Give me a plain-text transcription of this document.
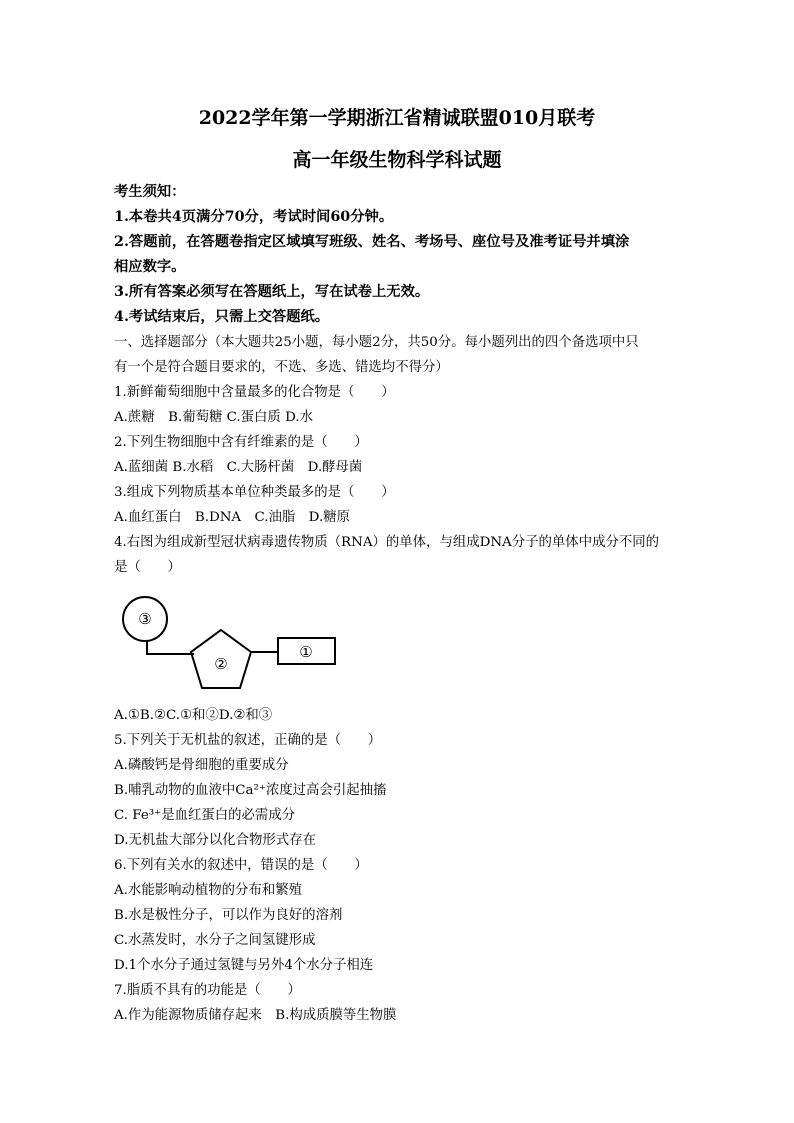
2022学年第一学期浙江省精诚联盟010月联考
高一年级生物科学科试题
考生须知：
1.本卷共4页满分70分，考试时间60分钟。
2.答题前，在答题卷指定区域填写班级、姓名、考场号、座位号及准考证号并填涂
相应数字。
3.所有答案必须写在答题纸上，写在试卷上无效。
4.考试结束后，只需上交答题纸。
一、选择题部分（本大题共25小题，每小题2分，共50分。每小题列出的四个备选项中只
有一个是符合题目要求的，不选、多选、错选均不得分）
1.新鲜葡萄细胞中含量最多的化合物是（　　）
A.蔗糖　B.葡萄糖 C.蛋白质 D.水
2.下列生物细胞中含有纤维素的是（　　）
A.蓝细菌 B.水稻　C.大肠杆菌　D.酵母菌
3.组成下列物质基本单位种类最多的是（　　）
A.血红蛋白　B.DNA　C.油脂　D.糖原
4.右图为组成新型冠状病毒遗传物质（RNA）的单体，与组成DNA分子的单体中成分不同的
是（　　）
③
②
①
A.①B.②C.①和②D.②和③
5.下列关于无机盐的叙述，正确的是（　　）
A.磷酸钙是骨细胞的重要成分
B.哺乳动物的血液中Ca²⁺浓度过高会引起抽搐
C. Fe³⁺是血红蛋白的必需成分
D.无机盐大部分以化合物形式存在
6.下列有关水的叙述中，错误的是（　　）
A.水能影响动植物的分布和繁殖
B.水是极性分子，可以作为良好的溶剂
C.水蒸发时，水分子之间氢键形成
D.1个水分子通过氢键与另外4个水分子相连
7.脂质不具有的功能是（　　）
A.作为能源物质储存起来　B.构成质膜等生物膜
